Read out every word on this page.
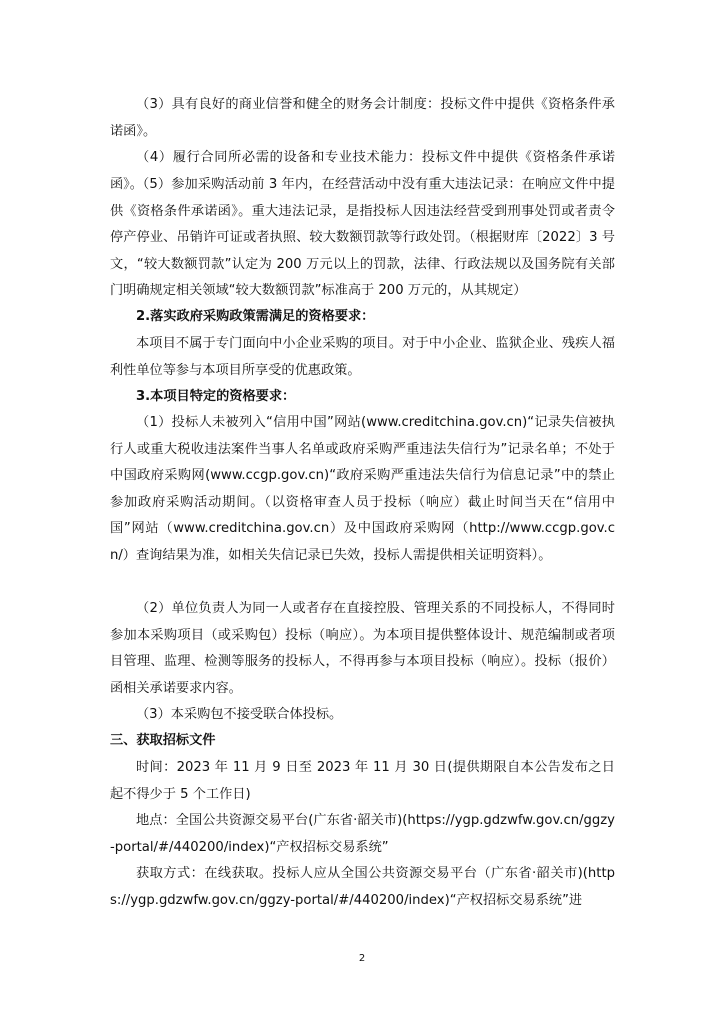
（3）具有良好的商业信誉和健全的财务会计制度：投标文件中提供《资格条件承诺函》。

（4）履行合同所必需的设备和专业技术能力：投标文件中提供《资格条件承诺函》。

（5）参加采购活动前 3 年内，在经营活动中没有重大违法记录：在响应文件中提供《资格条件承诺函》。重大违法记录，是指投标人因违法经营受到刑事处罚或者责令停产停业、吊销许可证或者执照、较大数额罚款等行政处罚。（根据财库〔2022〕3 号文，“较大数额罚款”认定为 200 万元以上的罚款，法律、行政法规以及国务院有关部门明确规定相关领域“较大数额罚款”标准高于 200 万元的，从其规定）

2.落实政府采购政策需满足的资格要求：

本项目不属于专门面向中小企业采购的项目。对于中小企业、监狱企业、残疾人福利性单位等参与本项目所享受的优惠政策。

3.本项目特定的资格要求：

（1）投标人未被列入“信用中国”网站(www.creditchina.gov.cn)“记录失信被执行人或重大税收违法案件当事人名单或政府采购严重违法失信行为”记录名单；不处于中国政府采购网(www.ccgp.gov.cn)“政府采购严重违法失信行为信息记录”中的禁止参加政府采购活动期间。（以资格审查人员于投标（响应）截止时间当天在“信用中国”网站（www.creditchina.gov.cn）及中国政府采购网（http://www.ccgp.gov.cn/）查询结果为准，如相关失信记录已失效，投标人需提供相关证明资料）。

（2）单位负责人为同一人或者存在直接控股、管理关系的不同投标人，不得同时参加本采购项目（或采购包）投标（响应）。为本项目提供整体设计、规范编制或者项目管理、监理、检测等服务的投标人，不得再参与本项目投标（响应）。投标（报价）函相关承诺要求内容。

（3）本采购包不接受联合体投标。

三、获取招标文件

时间：2023 年 11 月 9 日至 2023 年 11 月 30 日(提供期限自本公告发布之日起不得少于 5 个工作日)

地点：全国公共资源交易平台(广东省·韶关市)(https://ygp.gdzwfw.gov.cn/ggzy-portal/#/440200/index)“产权招标交易系统”

获取方式：在线获取。投标人应从全国公共资源交易平台（广东省·韶关市)(https://ygp.gdzwfw.gov.cn/ggzy-portal/#/440200/index)“产权招标交易系统”进

2
